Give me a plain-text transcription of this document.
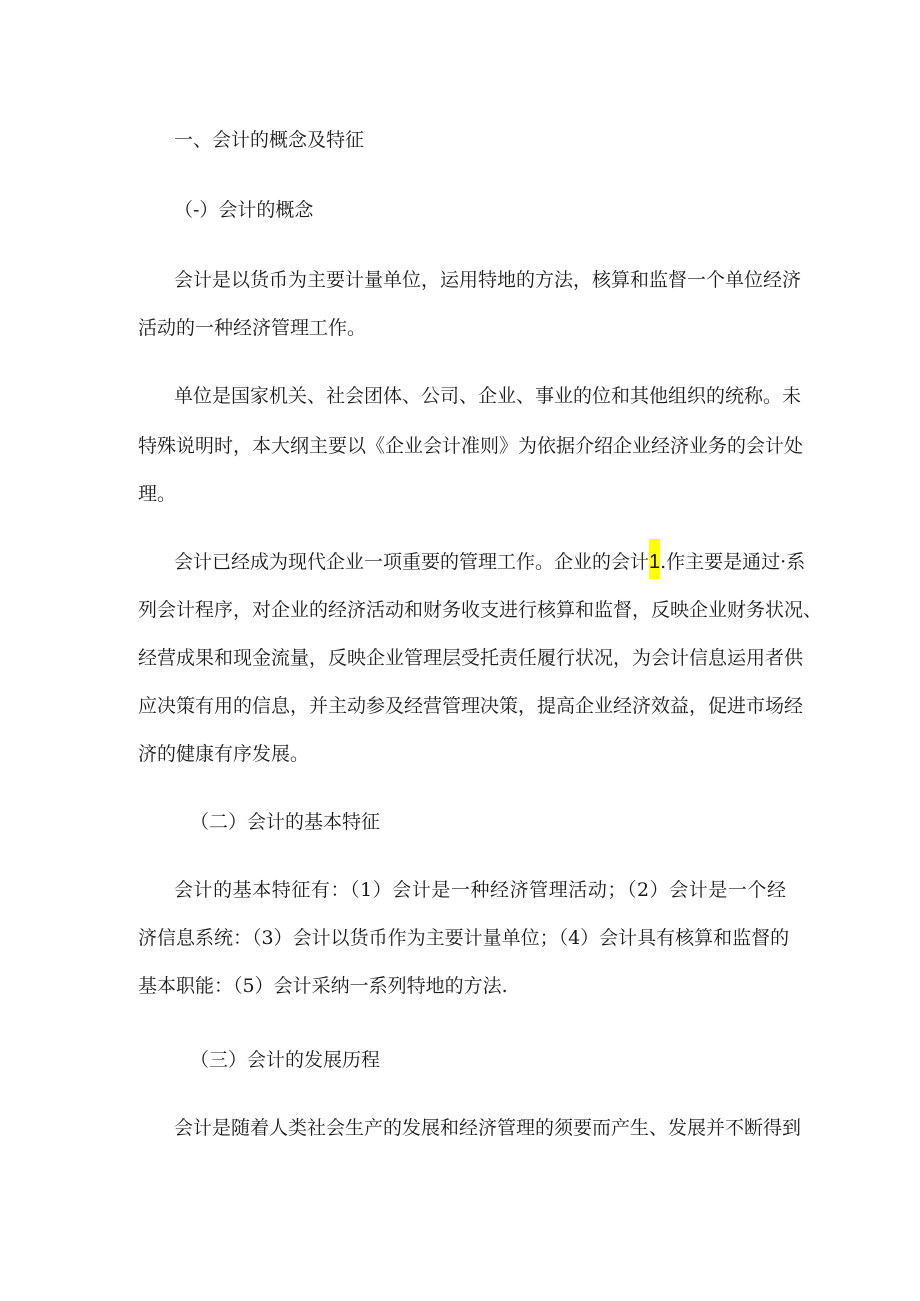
一、会计的概念及特征

（-）会计的概念

会计是以货币为主要计量单位，运用特地的方法，核算和监督一个单位经济

活动的一种经济管理工作。

单位是国家机关、社会团体、公司、企业、事业的位和其他组织的统称。未

特殊说明时，本大纲主要以《企业会计准则》为依据介绍企业经济业务的会计处

理。

会计已经成为现代企业一项重要的管理工作。企业的会计1.作主要是通过·系

列会计程序，对企业的经济活动和财务收支进行核算和监督，反映企业财务状况、

经营成果和现金流量，反映企业管理层受托责任履行状况，为会计信息运用者供

应决策有用的信息，并主动参及经营管理决策，提高企业经济效益，促进市场经

济的健康有序发展。

（二）会计的基本特征

会计的基本特征有：（1）会计是一种经济管理活动；（2）会计是一个经

济信息系统：（3）会计以货币作为主要计量单位；（4）会计具有核算和监督的

基本职能：（5）会计采纳一系列特地的方法.

（三）会计的发展历程

会计是随着人类社会生产的发展和经济管理的须要而产生、发展并不断得到
